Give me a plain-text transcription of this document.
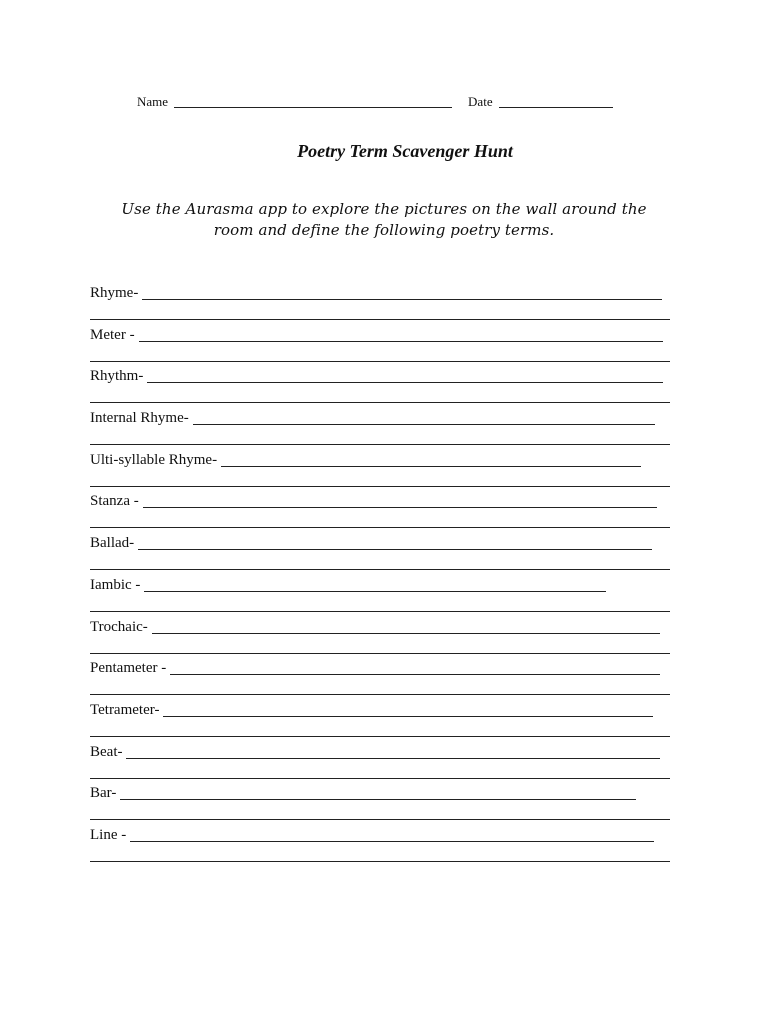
Name	Date
Poetry Term Scavenger Hunt
Use the Aurasma app to explore the pictures on the wall around the room and define the following poetry terms.
Rhyme-
Meter -
Rhythm-
Internal Rhyme-
Ulti-syllable Rhyme-
Stanza -
Ballad-
Iambic -
Trochaic-
Pentameter -
Tetrameter-
Beat-
Bar-
Line -
